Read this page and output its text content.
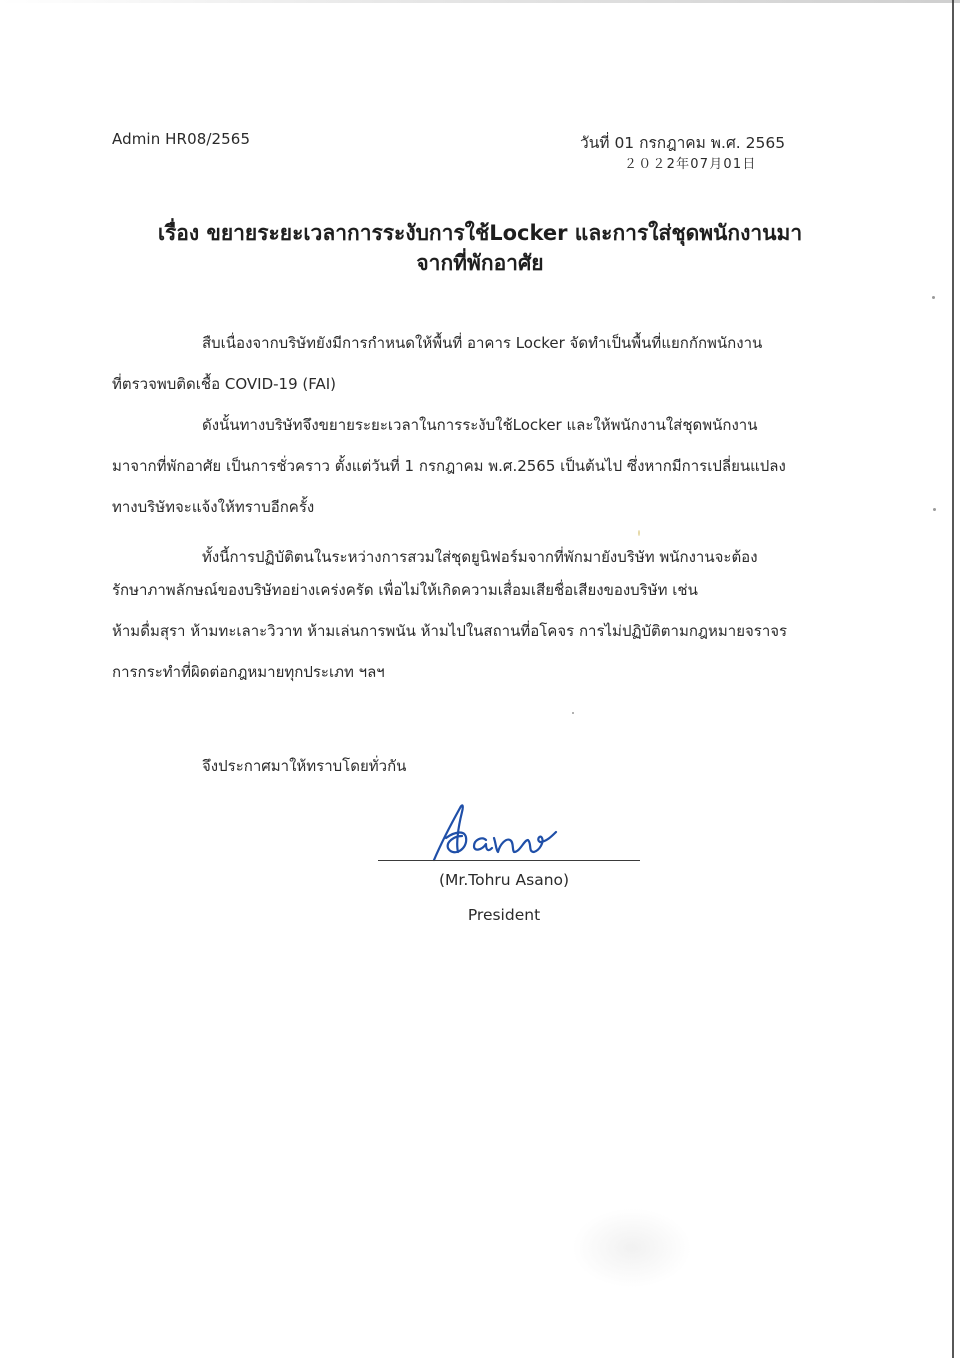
Admin HR08/2565	วันที่ 01 กรกฎาคม พ.ศ. 2565
２０２2年07月01日
เรื่อง ขยายระยะเวลาการระงับการใช้Locker และการใส่ชุดพนักงานมา
จากที่พักอาศัย
สืบเนื่องจากบริษัทยังมีการกำหนดให้พื้นที่ อาคาร Locker จัดทำเป็นพื้นที่แยกกักพนักงาน
ที่ตรวจพบติดเชื้อ COVID-19 (FAI)
ดังนั้นทางบริษัทจึงขยายระยะเวลาในการระงับใช้Locker และให้พนักงานใส่ชุดพนักงาน
มาจากที่พักอาศัย เป็นการชั่วคราว ตั้งแต่วันที่ 1 กรกฎาคม พ.ศ.2565 เป็นต้นไป ซึ่งหากมีการเปลี่ยนแปลง
ทางบริษัทจะแจ้งให้ทราบอีกครั้ง
ทั้งนี้การปฏิบัติตนในระหว่างการสวมใส่ชุดยูนิฟอร์มจากที่พักมายังบริษัท พนักงานจะต้อง
รักษาภาพลักษณ์ของบริษัทอย่างเคร่งครัด เพื่อไม่ให้เกิดความเสื่อมเสียชื่อเสียงของบริษัท เช่น
ห้ามดื่มสุรา ห้ามทะเลาะวิวาท ห้ามเล่นการพนัน ห้ามไปในสถานที่อโคจร การไม่ปฏิบัติตามกฎหมายจราจร
การกระทำที่ผิดต่อกฎหมายทุกประเภท ฯลฯ
จึงประกาศมาให้ทราบโดยทั่วกัน
(Mr.Tohru Asano)
President
